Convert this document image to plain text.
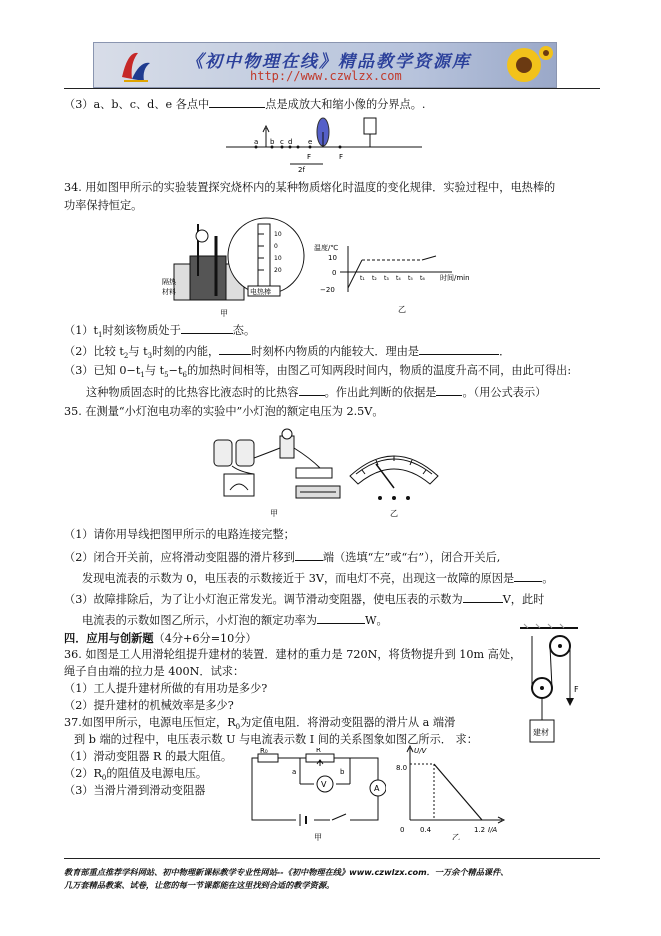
《初中物理在线》精品教学资源库
http://www.czwlzx.com
（3）a、b、c、d、e 各点中	点是成放大和缩小像的分界点。.
a b c d e
F	F
2f
34. 用如图甲所示的实验装置探究烧杯内的某种物质熔化时温度的变化规律．实验过程中，电热棒的
功率保持恒定。
10
0
10
20
隔热
材料	电热棒
甲
温度/℃
10
0
−20
t₁ t₂ t₃ t₄ t₅ t₆ 时间/min
乙
$(1)t_1$时刻该物质处于	态。
（2）比较 $t_2$与 $t_3$时刻的内能，	时刻杯内物质的内能较大．理由是	．
（3）已知 $0-t_1$与 $t_5-t_6$的加热时间相等，由图乙可知两段时间内，物质的温度升高不同，由此可得出:
这种物质固态时的比热容比液态时的比热容 。作出此判断的依据是 。（用公式表示）
35. 在测量“小灯泡电功率的实验中”小灯泡的额定电压为 2.5V。
甲	乙
（1）请你用导线把图甲所示的电路连接完整；
（2）闭合开关前，应将滑动变阻器的滑片移到	端（选填“左”或“右”），闭合开关后,
发现电流表的示数为 0，电压表的示数接近于 3V，而电灯不亮，出现这一故障的原因是	。
（3）故障排除后，为了让小灯泡正常发光。调节滑动变阻器，使电压表的示数为	V，此时
电流表的示数如图乙所示，小灯泡的额定功率为	W。
四．应用与创新题（4分+6分=10分）
F
建材
36. 如图是工人用滑轮组提升建材的装置．建材的重力是 720N，将货物提升到 10m 高处，
绳子自由端的拉力是 400N．试求：
（1）工人提升建材所做的有用功是多少?
（2）提升建材的机械效率是多少?
37.如图甲所示，电源电压恒定，$R_0$为定值电阻．将滑动变阻器的滑片从 a 端滑
到 b 端的过程中，电压表示数 U 与电流表示数 I 间的关系图象如图乙所示． 求：
（1）滑动变阻器 R 的最大阻值。
$(2)R_0$的阻值及电源电压。
（3）当滑片滑到滑动变阻器
R₀	R
a	b
V	A
甲
U/V
I/A
8.0
0 0.4	1.2
乙
教育部重点推荐学科网站、初中物理新课标教学专业性网站--《初中物理在线》www.czwlzx.com．一万余个精品课件、
几万套精品教案、试卷，让您的每一节课都能在这里找到合适的教学资源。
